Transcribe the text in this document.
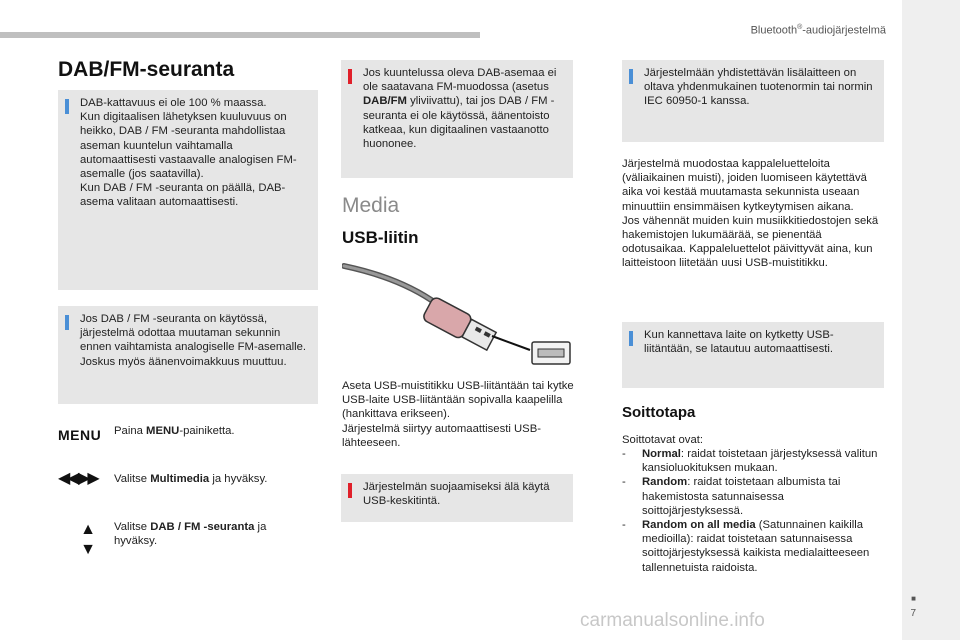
Bluetooth®-audiojärjestelmä
DAB/FM-seuranta
DAB-kattavuus ei ole 100 % maassa.
Kun digitaalisen lähetyksen kuuluvuus on heikko, DAB / FM -seuranta mahdollistaa aseman kuuntelun vaihtamalla automaattisesti vastaavalle analogisen FM-asemalle (jos saatavilla).
Kun DAB / FM -seuranta on päällä, DAB-asema valitaan automaattisesti.
Jos DAB / FM -seuranta on käytössä, järjestelmä odottaa muutaman sekunnin ennen vaihtamista analogiselle FM-asemalle. Joskus myös äänenvoimakkuus muuttuu.
MENU	Paina MENU-painiketta.
◀◀ ▶▶	Valitse Multimedia ja hyväksy.
▲
▼
Valitse DAB / FM -seuranta ja hyväksy.
Jos kuuntelussa oleva DAB-asemaa ei ole saatavana FM-muodossa (asetus DAB/FM yliviivattu), tai jos DAB / FM -seuranta ei ole käytössä, äänentoisto katkeaa, kun digitaalinen vastaanotto huononee.
Media
USB-liitin
Aseta USB-muistitikku USB-liitäntään tai kytke USB-laite USB-liitäntään sopivalla kaapelilla (hankittava erikseen).
Järjestelmä siirtyy automaattisesti USB-lähteeseen.
Järjestelmän suojaamiseksi älä käytä USB-keskitintä.
Järjestelmään yhdistettävän lisälaitteen on oltava yhdenmukainen tuotenormin tai normin IEC 60950-1 kanssa.
Järjestelmä muodostaa kappaleluetteloita (väliaikainen muisti), joiden luomiseen käytettävä aika voi kestää muutamasta sekunnista useaan minuuttiin ensimmäisen kytkeytymisen aikana.
Jos vähennät muiden kuin musiikkitiedostojen sekä hakemistojen lukumäärää, se pienentää odotusaikaa. Kappaleluettelot päivittyvät aina, kun laitteistoon liitetään uusi USB-muistitikku.
Kun kannettava laite on kytketty USB-liitäntään, se latautuu automaattisesti.
Soittotapa
Soittotavat ovat:
- Normal: raidat toistetaan järjestyksessä valitun kansioluokituksen mukaan.
- Random: raidat toistetaan albumista tai hakemistosta satunnaisessa soittojärjestyksessä.
- Random on all media (Satunnainen kaikilla medioilla): raidat toistetaan satunnaisessa soittojärjestyksessä kaikista medialaitteeseen tallennetuista raidoista.
■
7
carmanualsonline.info
